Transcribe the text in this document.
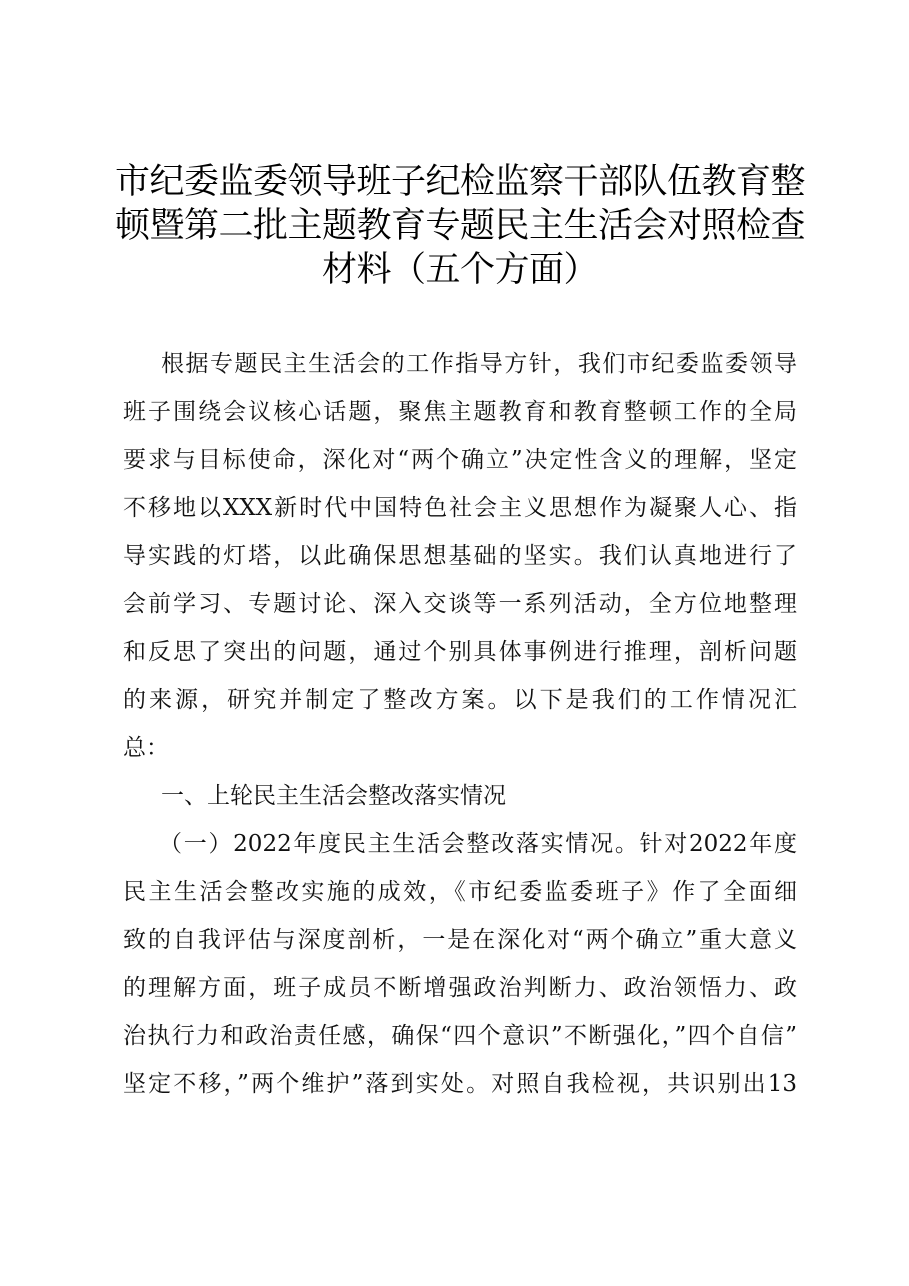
市纪委监委领导班子纪检监察干部队伍教育整
顿暨第二批主题教育专题民主生活会对照检查
材料（五个方面）
根据专题民主生活会的工作指导方针，我们市纪委监委领导
班子围绕会议核心话题，聚焦主题教育和教育整顿工作的全局
要求与目标使命，深化对“两个确立”决定性含义的理解，坚定
不移地以XXX新时代中国特色社会主义思想作为凝聚人心、指
导实践的灯塔，以此确保思想基础的坚实。我们认真地进行了
会前学习、专题讨论、深入交谈等一系列活动，全方位地整理
和反思了突出的问题，通过个别具体事例进行推理，剖析问题
的来源，研究并制定了整改方案。以下是我们的工作情况汇
总：
一、上轮民主生活会整改落实情况
（一）2022年度民主生活会整改落实情况。针对2022年度
民主生活会整改实施的成效，《市纪委监委班子》作了全面细
致的自我评估与深度剖析，一是在深化对“两个确立”重大意义
的理解方面，班子成员不断增强政治判断力、政治领悟力、政
治执行力和政治责任感，确保“四个意识”不断强化，”四个自信”
坚定不移，”两个维护”落到实处。对照自我检视，共识别出13
